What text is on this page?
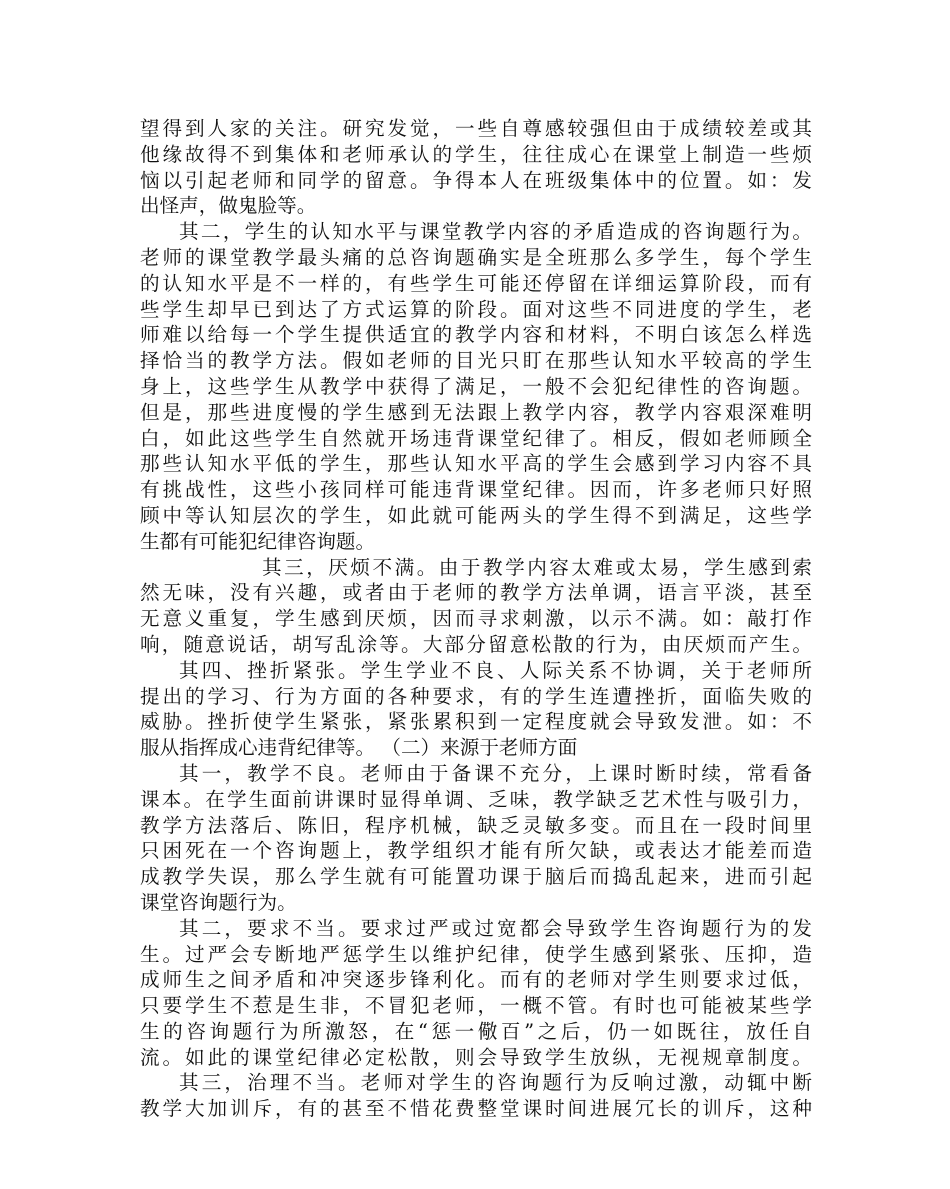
望得到人家的关注。研究发觉，一些自尊感较强但由于成绩较差或其
他缘故得不到集体和老师承认的学生，往往成心在课堂上制造一些烦
恼以引起老师和同学的留意。争得本人在班级集体中的位置。如：发
出怪声，做鬼脸等。
其二，学生的认知水平与课堂教学内容的矛盾造成的咨询题行为。
老师的课堂教学最头痛的总咨询题确实是全班那么多学生，每个学生
的认知水平是不一样的，有些学生可能还停留在详细运算阶段，而有
些学生却早已到达了方式运算的阶段。面对这些不同进度的学生，老
师难以给每一个学生提供适宜的教学内容和材料，不明白该怎么样选
择恰当的教学方法。假如老师的目光只盯在那些认知水平较高的学生
身上，这些学生从教学中获得了满足，一般不会犯纪律性的咨询题。
但是，那些进度慢的学生感到无法跟上教学内容，教学内容艰深难明
白，如此这些学生自然就开场违背课堂纪律了。相反，假如老师顾全
那些认知水平低的学生，那些认知水平高的学生会感到学习内容不具
有挑战性，这些小孩同样可能违背课堂纪律。因而，许多老师只好照
顾中等认知层次的学生，如此就可能两头的学生得不到满足，这些学
生都有可能犯纪律咨询题。
其三，厌烦不满。由于教学内容太难或太易，学生感到索
然无味，没有兴趣，或者由于老师的教学方法单调，语言平淡，甚至
无意义重复，学生感到厌烦，因而寻求刺激，以示不满。如：敲打作
响，随意说话，胡写乱涂等。大部分留意松散的行为，由厌烦而产生。
其四、挫折紧张。学生学业不良、人际关系不协调，关于老师所
提出的学习、行为方面的各种要求，有的学生连遭挫折，面临失败的
威胁。挫折使学生紧张，紧张累积到一定程度就会导致发泄。如：不
服从指挥成心违背纪律等。 （二）来源于老师方面
其一，教学不良。老师由于备课不充分，上课时断时续，常看备
课本。在学生面前讲课时显得单调、乏味，教学缺乏艺术性与吸引力，
教学方法落后、陈旧，程序机械，缺乏灵敏多变。而且在一段时间里
只困死在一个咨询题上，教学组织才能有所欠缺，或表达才能差而造
成教学失误，那么学生就有可能置功课于脑后而捣乱起来，进而引起
课堂咨询题行为。
其二，要求不当。要求过严或过宽都会导致学生咨询题行为的发
生。过严会专断地严惩学生以维护纪律，使学生感到紧张、压抑，造
成师生之间矛盾和冲突逐步锋利化。而有的老师对学生则要求过低，
只要学生不惹是生非，不冒犯老师，一概不管。有时也可能被某些学
生的咨询题行为所激怒，在“惩一儆百”之后，仍一如既往，放任自
流。如此的课堂纪律必定松散，则会导致学生放纵，无视规章制度。
其三，治理不当。老师对学生的咨询题行为反响过激，动辄中断
教学大加训斥，有的甚至不惜花费整堂课时间进展冗长的训斥，这种
